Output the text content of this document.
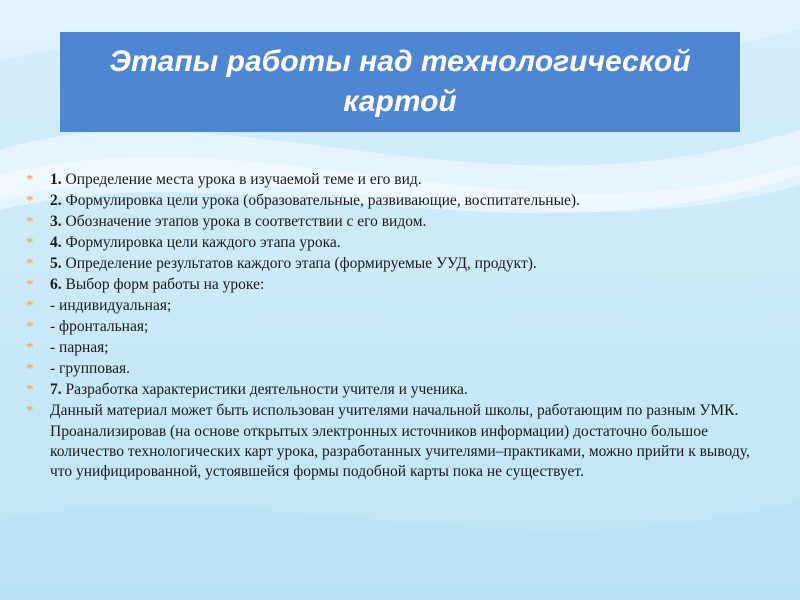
Этапы работы над технологической
картой
*	1. Определение места урока в изучаемой теме и его вид.
*	2. Формулировка цели урока (образовательные, развивающие, воспитательные).
*	3. Обозначение этапов урока в соответствии с его видом.
*	4. Формулировка цели каждого этапа урока.
*	5. Определение результатов каждого этапа (формируемые УУД, продукт).
*	6. Выбор форм работы на уроке:
*	- индивидуальная;
*	- фронтальная;
*	- парная;
*	- групповая.
*	7. Разработка характеристики деятельности учителя и ученика.
*	Данный материал может быть использован учителями начальной школы, работающим по разным УМК.
Проанализировав (на основе открытых электронных источников информации) достаточно большое количество технологических карт урока, разработанных учителями–практиками, можно прийти к выводу, что унифицированной, устоявшейся формы подобной карты пока не существует.
